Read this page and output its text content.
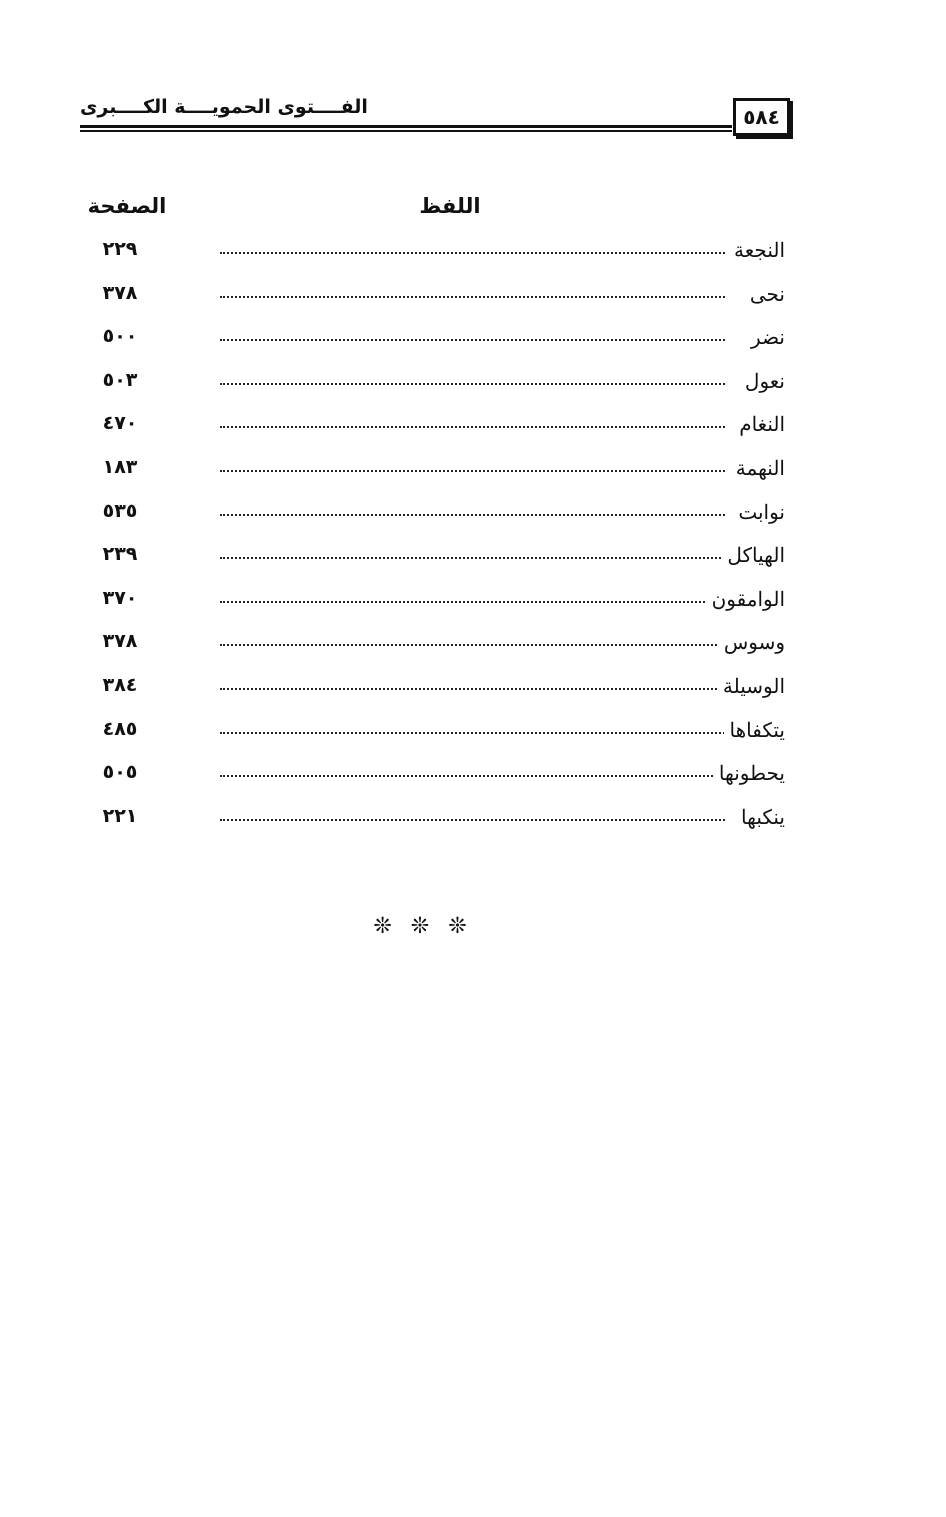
الفــــتوى الحمويــــة الكــــبرى	٥٨٤
الصفحة	اللفظ
٢٢٩	النجعة
٣٧٨	نحى
٥٠٠	نضر
٥٠٣	نعول
٤٧٠	النغام
١٨٣	النهمة
٥٣٥	نوابت
٢٣٩	الهياكل
٣٧٠	الوامقون
٣٧٨	وسوس
٣٨٤	الوسيلة
٤٨٥	يتكفاها
٥٠٥	يحطونها
٢٢١	ينكبها
❊ ❊ ❊
